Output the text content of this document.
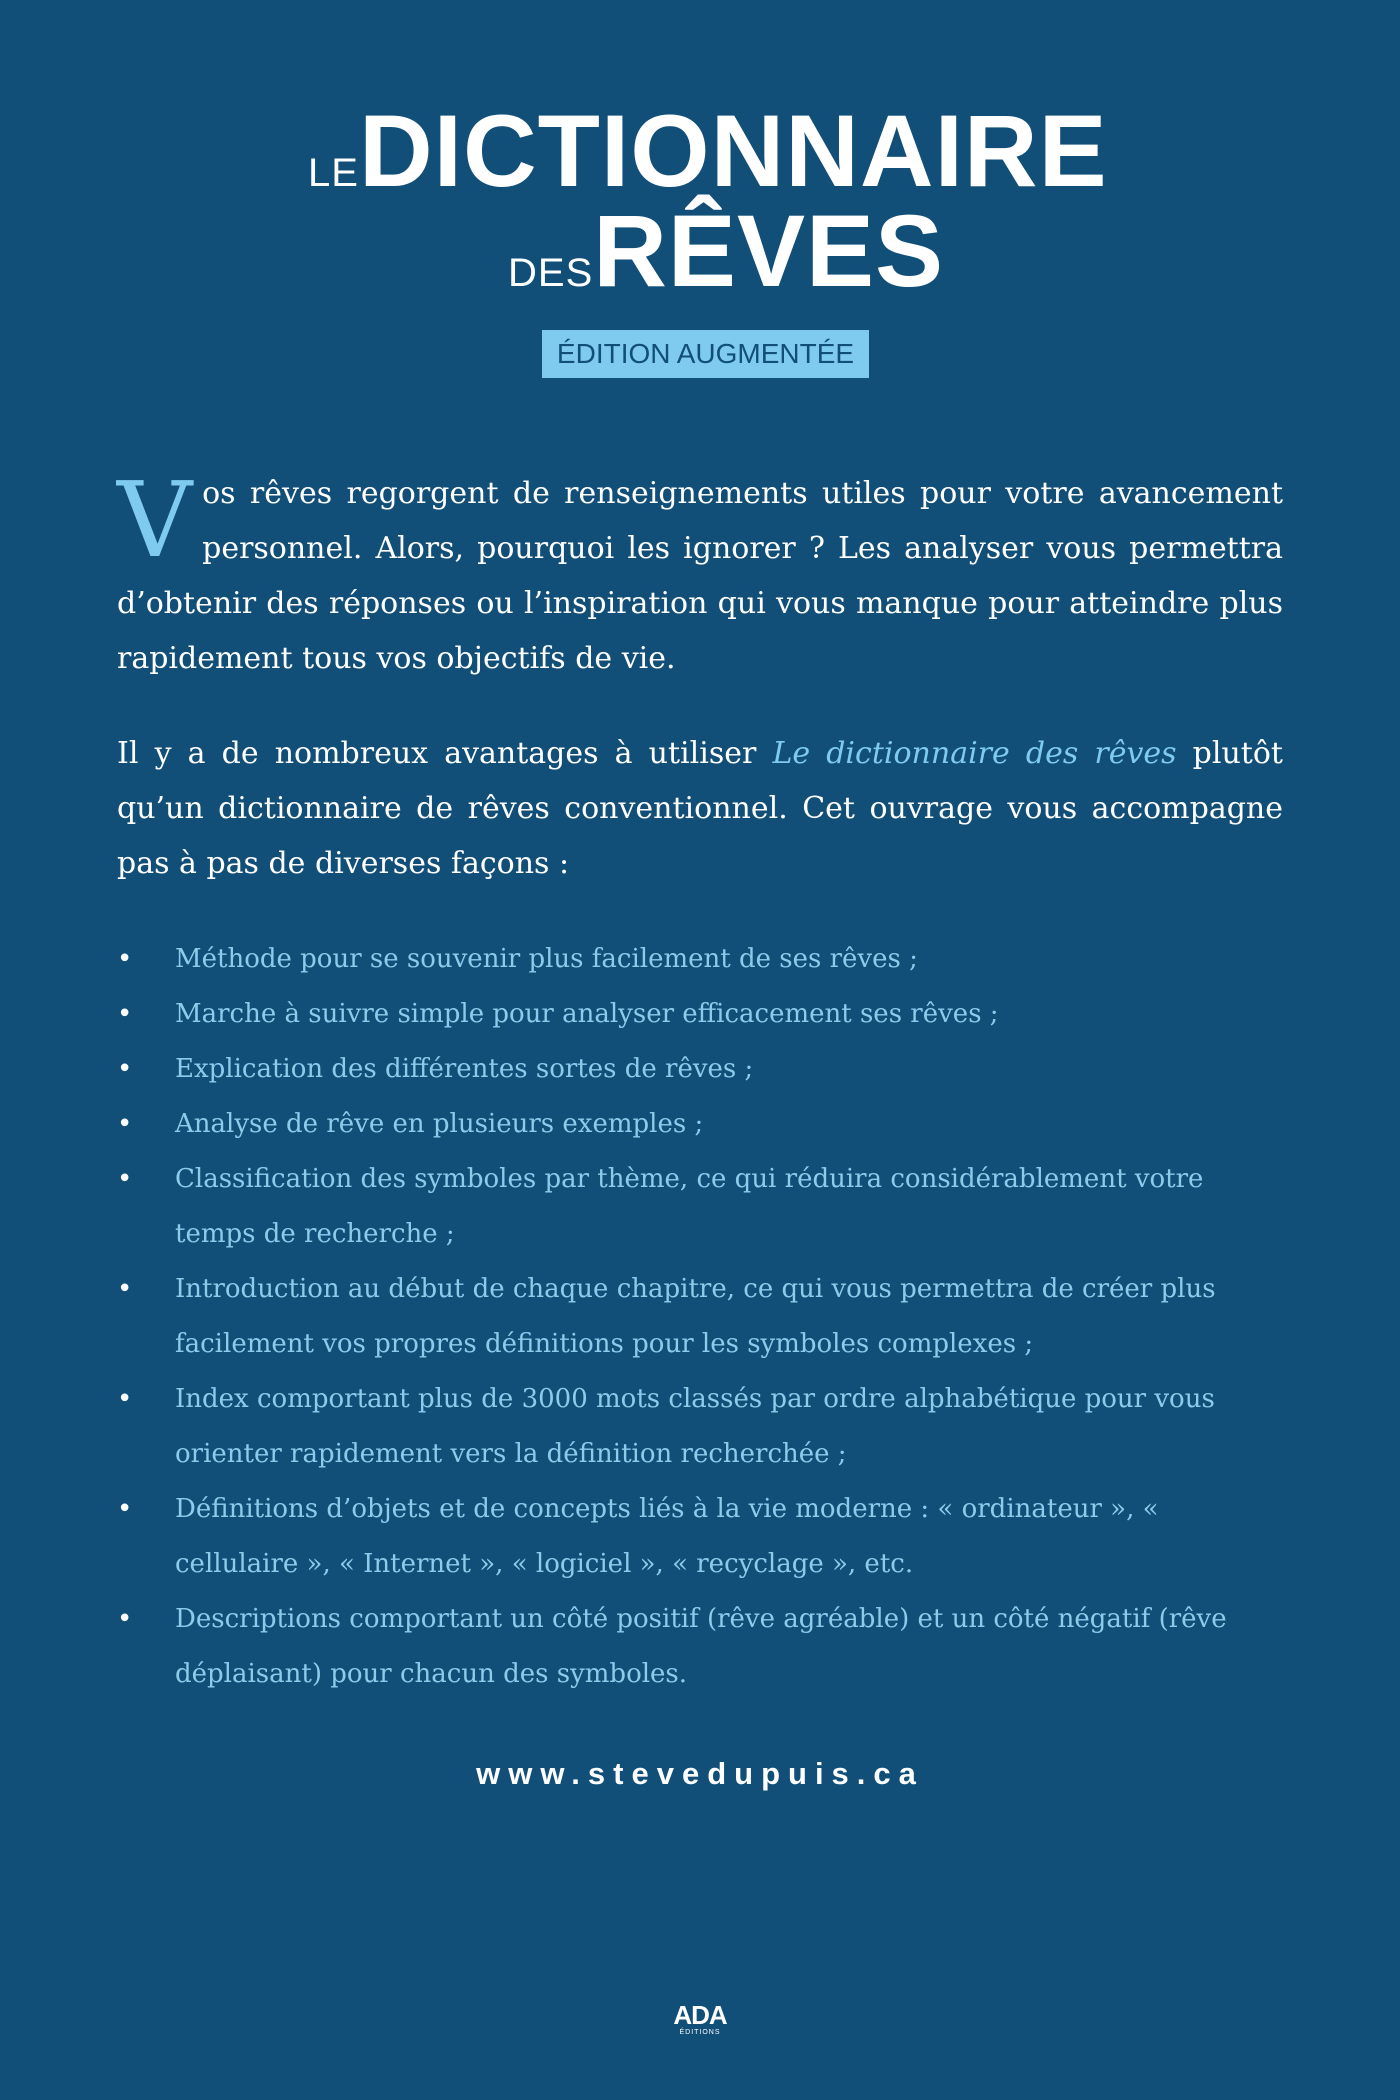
LEDICTIONNAIRE
DESRÊVES
ÉDITION AUGMENTÉE
V os rêves regorgent de renseignements utiles pour votre avancement personnel. Alors, pourquoi les ignorer ? Les analyser vous permettra d’obtenir des réponses ou l’inspiration qui vous manque pour atteindre plus rapidement tous vos objectifs de vie.
Il y a de nombreux avantages à utiliser Le dictionnaire des rêves plutôt qu’un dictionnaire de rêves conventionnel. Cet ouvrage vous accompagne pas à pas de diverses façons :
• Méthode pour se souvenir plus facilement de ses rêves ;
• Marche à suivre simple pour analyser efficacement ses rêves ;
• Explication des différentes sortes de rêves ;
• Analyse de rêve en plusieurs exemples ;
• Classification des symboles par thème, ce qui réduira considérablement votre temps de recherche ;
• Introduction au début de chaque chapitre, ce qui vous permettra de créer plus facilement vos propres définitions pour les symboles complexes ;
• Index comportant plus de 3000 mots classés par ordre alphabétique pour vous orienter rapidement vers la définition recherchée ;
• Définitions d’objets et de concepts liés à la vie moderne : « ordinateur », « cellulaire », « Internet », « logiciel », « recyclage », etc.
• Descriptions comportant un côté positif (rêve agréable) et un côté négatif (rêve déplaisant) pour chacun des symboles.
www.stevedupuis.ca
ADA
ÉDITIONS
